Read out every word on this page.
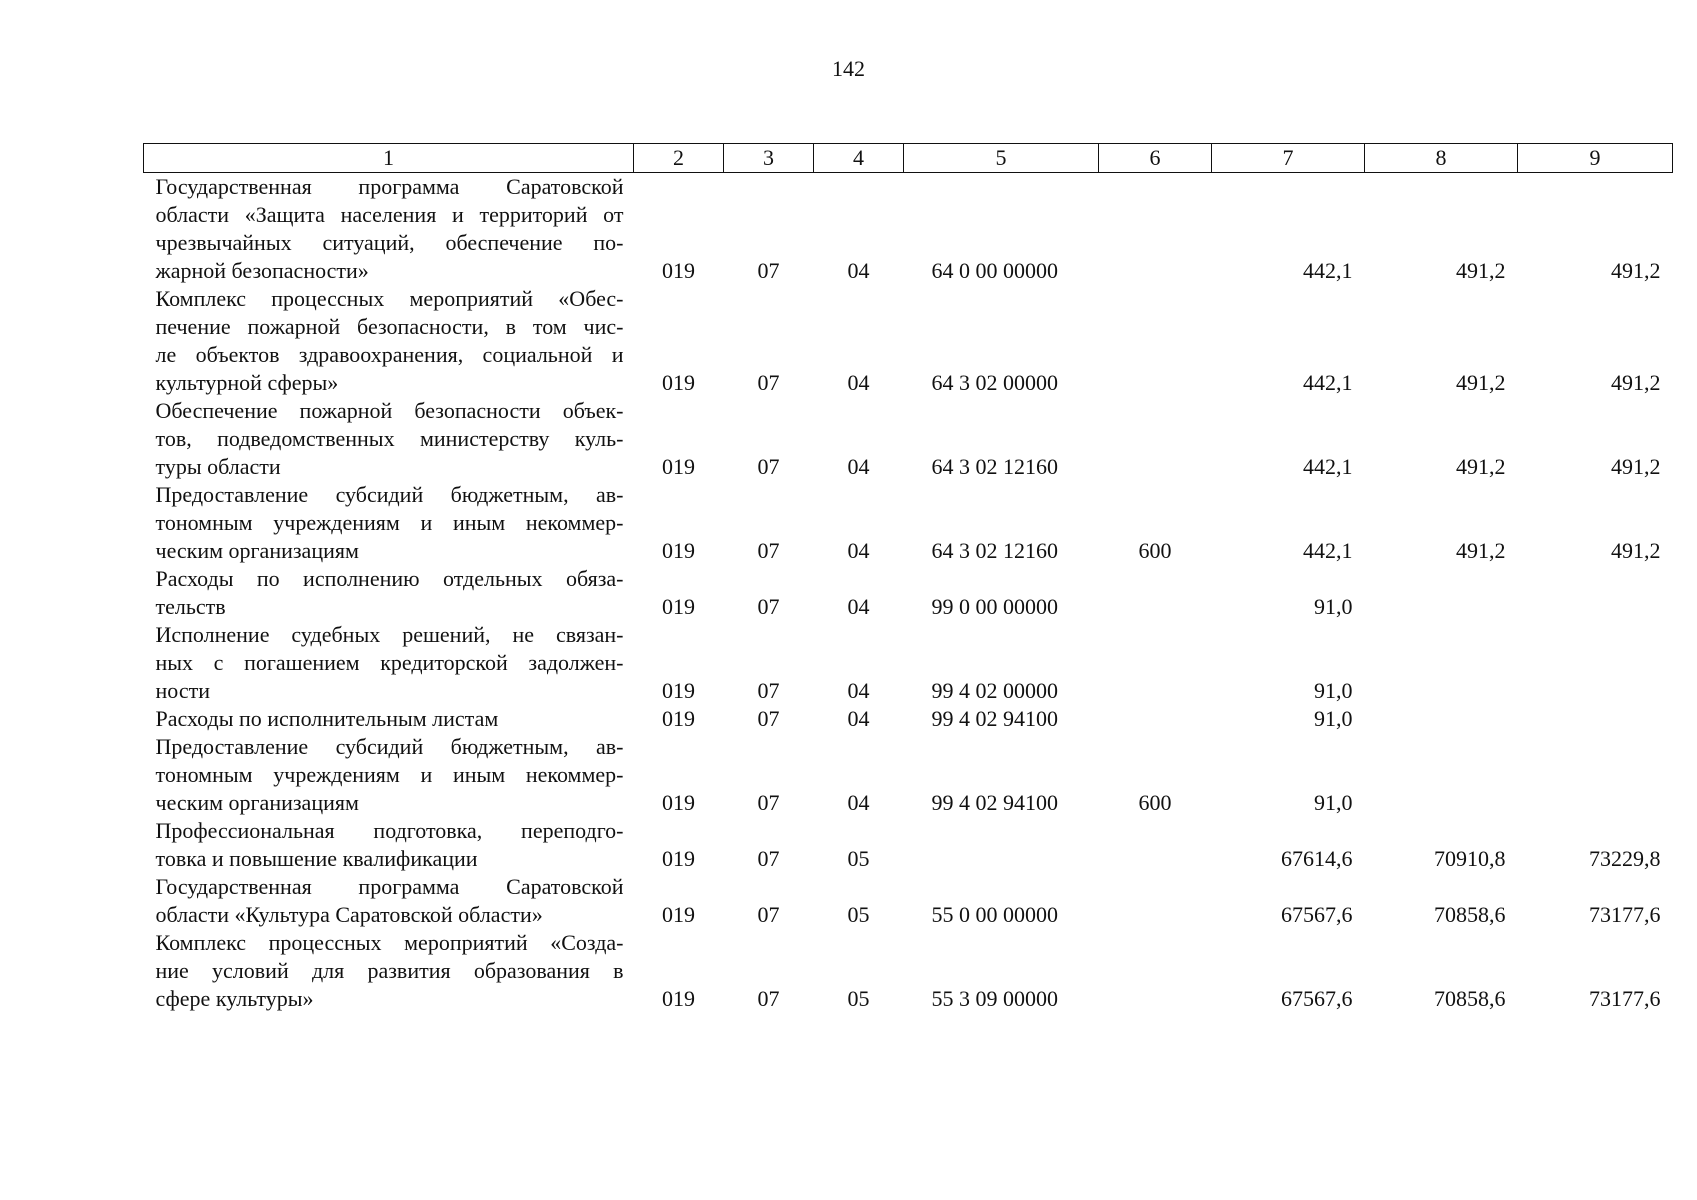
142
1	2	3	4	5	6	7	8	9

Государственная программа Саратовской
области «Защита населения и территорий от
чрезвычайных ситуаций, обеспечение по-
жарной безопасности»	019	07	04	64 0 00 00000		442,1	491,2	491,2

Комплекс процессных мероприятий «Обес-
печение пожарной безопасности, в том чис-
ле объектов здравоохранения, социальной и
культурной сферы»	019	07	04	64 3 02 00000		442,1	491,2	491,2

Обеспечение пожарной безопасности объек-
тов, подведомственных министерству куль-
туры области	019	07	04	64 3 02 12160		442,1	491,2	491,2

Предоставление субсидий бюджетным, ав-
тономным учреждениям и иным некоммер-
ческим организациям	019	07	04	64 3 02 12160	600	442,1	491,2	491,2

Расходы по исполнению отдельных обяза-
тельств	019	07	04	99 0 00 00000		91,0		

Исполнение судебных решений, не связан-
ных с погашением кредиторской задолжен-
ности	019	07	04	99 4 02 00000		91,0		

Расходы по исполнительным листам	019	07	04	99 4 02 94100		91,0		

Предоставление субсидий бюджетным, ав-
тономным учреждениям и иным некоммер-
ческим организациям	019	07	04	99 4 02 94100	600	91,0		

Профессиональная подготовка, переподго-
товка и повышение квалификации	019	07	05			67614,6	70910,8	73229,8

Государственная программа Саратовской
области «Культура Саратовской области»	019	07	05	55 0 00 00000		67567,6	70858,6	73177,6

Комплекс процессных мероприятий «Созда-
ние условий для развития образования в
сфере культуры»	019	07	05	55 3 09 00000		67567,6	70858,6	73177,6
